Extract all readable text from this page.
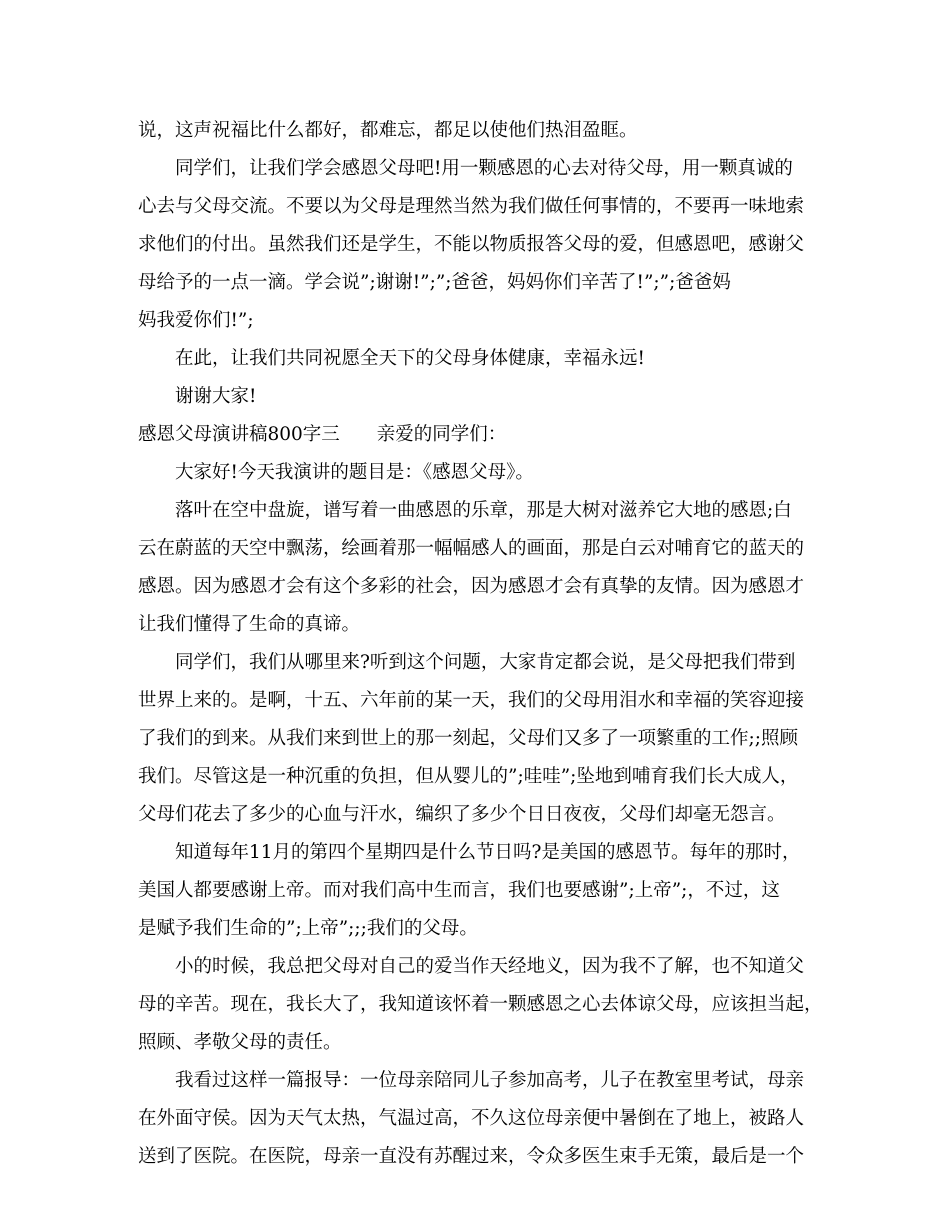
说，这声祝福比什么都好，都难忘，都足以使他们热泪盈眶。
同学们，让我们学会感恩父母吧!用一颗感恩的心去对待父母，用一颗真诚的
心去与父母交流。不要以为父母是理然当然为我们做任何事情的，不要再一味地索
求他们的付出。虽然我们还是学生，不能以物质报答父母的爱，但感恩吧，感谢父
母给予的一点一滴。学会说”;谢谢!”;”;爸爸，妈妈你们辛苦了!”;”;爸爸妈
妈我爱你们!”;
在此，让我们共同祝愿全天下的父母身体健康，幸福永远!
谢谢大家!
感恩父母演讲稿800字三　　亲爱的同学们：
大家好!今天我演讲的题目是：《感恩父母》。
落叶在空中盘旋，谱写着一曲感恩的乐章，那是大树对滋养它大地的感恩;白
云在蔚蓝的天空中飘荡，绘画着那一幅幅感人的画面，那是白云对哺育它的蓝天的
感恩。因为感恩才会有这个多彩的社会，因为感恩才会有真挚的友情。因为感恩才
让我们懂得了生命的真谛。
同学们，我们从哪里来?听到这个问题，大家肯定都会说，是父母把我们带到
世界上来的。是啊，十五、六年前的某一天，我们的父母用泪水和幸福的笑容迎接
了我们的到来。从我们来到世上的那一刻起，父母们又多了一项繁重的工作;;照顾
我们。尽管这是一种沉重的负担，但从婴儿的”;哇哇”;坠地到哺育我们长大成人，
父母们花去了多少的心血与汗水，编织了多少个日日夜夜，父母们却毫无怨言。
知道每年11月的第四个星期四是什么节日吗?是美国的感恩节。每年的那时，
美国人都要感谢上帝。而对我们高中生而言，我们也要感谢”;上帝”;，不过，这
是赋予我们生命的”;上帝”;;;我们的父母。
小的时候，我总把父母对自己的爱当作天经地义，因为我不了解，也不知道父
母的辛苦。现在，我长大了，我知道该怀着一颗感恩之心去体谅父母，应该担当起，
照顾、孝敬父母的责任。
我看过这样一篇报导：一位母亲陪同儿子参加高考，儿子在教室里考试，母亲
在外面守侯。因为天气太热，气温过高，不久这位母亲便中暑倒在了地上，被路人
送到了医院。在医院，母亲一直没有苏醒过来，令众多医生束手无策，最后是一个
